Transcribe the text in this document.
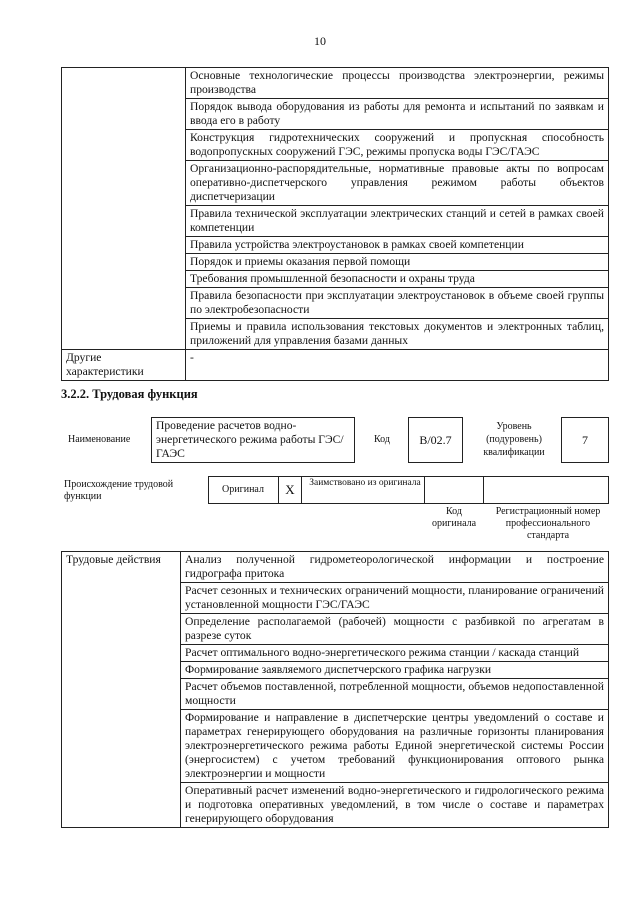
10
	Основные технологические процессы производства электроэнергии, режимы производства
	Порядок вывода оборудования из работы для ремонта и испытаний по заявкам и ввода его в работу
	Конструкция гидротехнических сооружений и пропускная способность водопропускных сооружений ГЭС, режимы пропуска воды ГЭС/ГАЭС
	Организационно-распорядительные, нормативные правовые акты по вопросам оперативно-диспетчерского управления режимом работы объектов диспетчеризации
	Правила технической эксплуатации электрических станций и сетей в рамках своей компетенции
	Правила устройства электроустановок в рамках своей компетенции
	Порядок и приемы оказания первой помощи
	Требования промышленной безопасности и охраны труда
	Правила безопасности при эксплуатации электроустановок в объеме своей группы по электробезопасности
	Приемы и правила использования текстовых документов и электронных таблиц, приложений для управления базами данных
Другие характеристики	-
3.2.2. Трудовая функция
Наименование
Проведение расчетов водно-энергетического режима работы ГЭС/ГАЭС
Код	B/02.7
Уровень (подуровень) квалификации
7
Происхождение трудовой функции
Оригинал	X	Заимствовано из оригинала
Код оригинала
Регистрационный номер профессионального стандарта
Трудовые действия	Анализ полученной гидрометеорологической информации и построение гидрографа притока
Расчет сезонных и технических ограничений мощности, планирование ограничений установленной мощности ГЭС/ГАЭС
Определение располагаемой (рабочей) мощности с разбивкой по агрегатам в разрезе суток
Расчет оптимального водно-энергетического режима станции / каскада станций
Формирование заявляемого диспетчерского графика нагрузки
Расчет объемов поставленной, потребленной мощности, объемов недопоставленной мощности
Формирование и направление в диспетчерские центры уведомлений о составе и параметрах генерирующего оборудования на различные горизонты планирования электроэнергетического режима работы Единой энергетической системы России (энергосистем) с учетом требований функционирования оптового рынка электроэнергии и мощности
Оперативный расчет изменений водно-энергетического и гидрологического режима и подготовка оперативных уведомлений, в том числе о составе и параметрах генерирующего оборудования
